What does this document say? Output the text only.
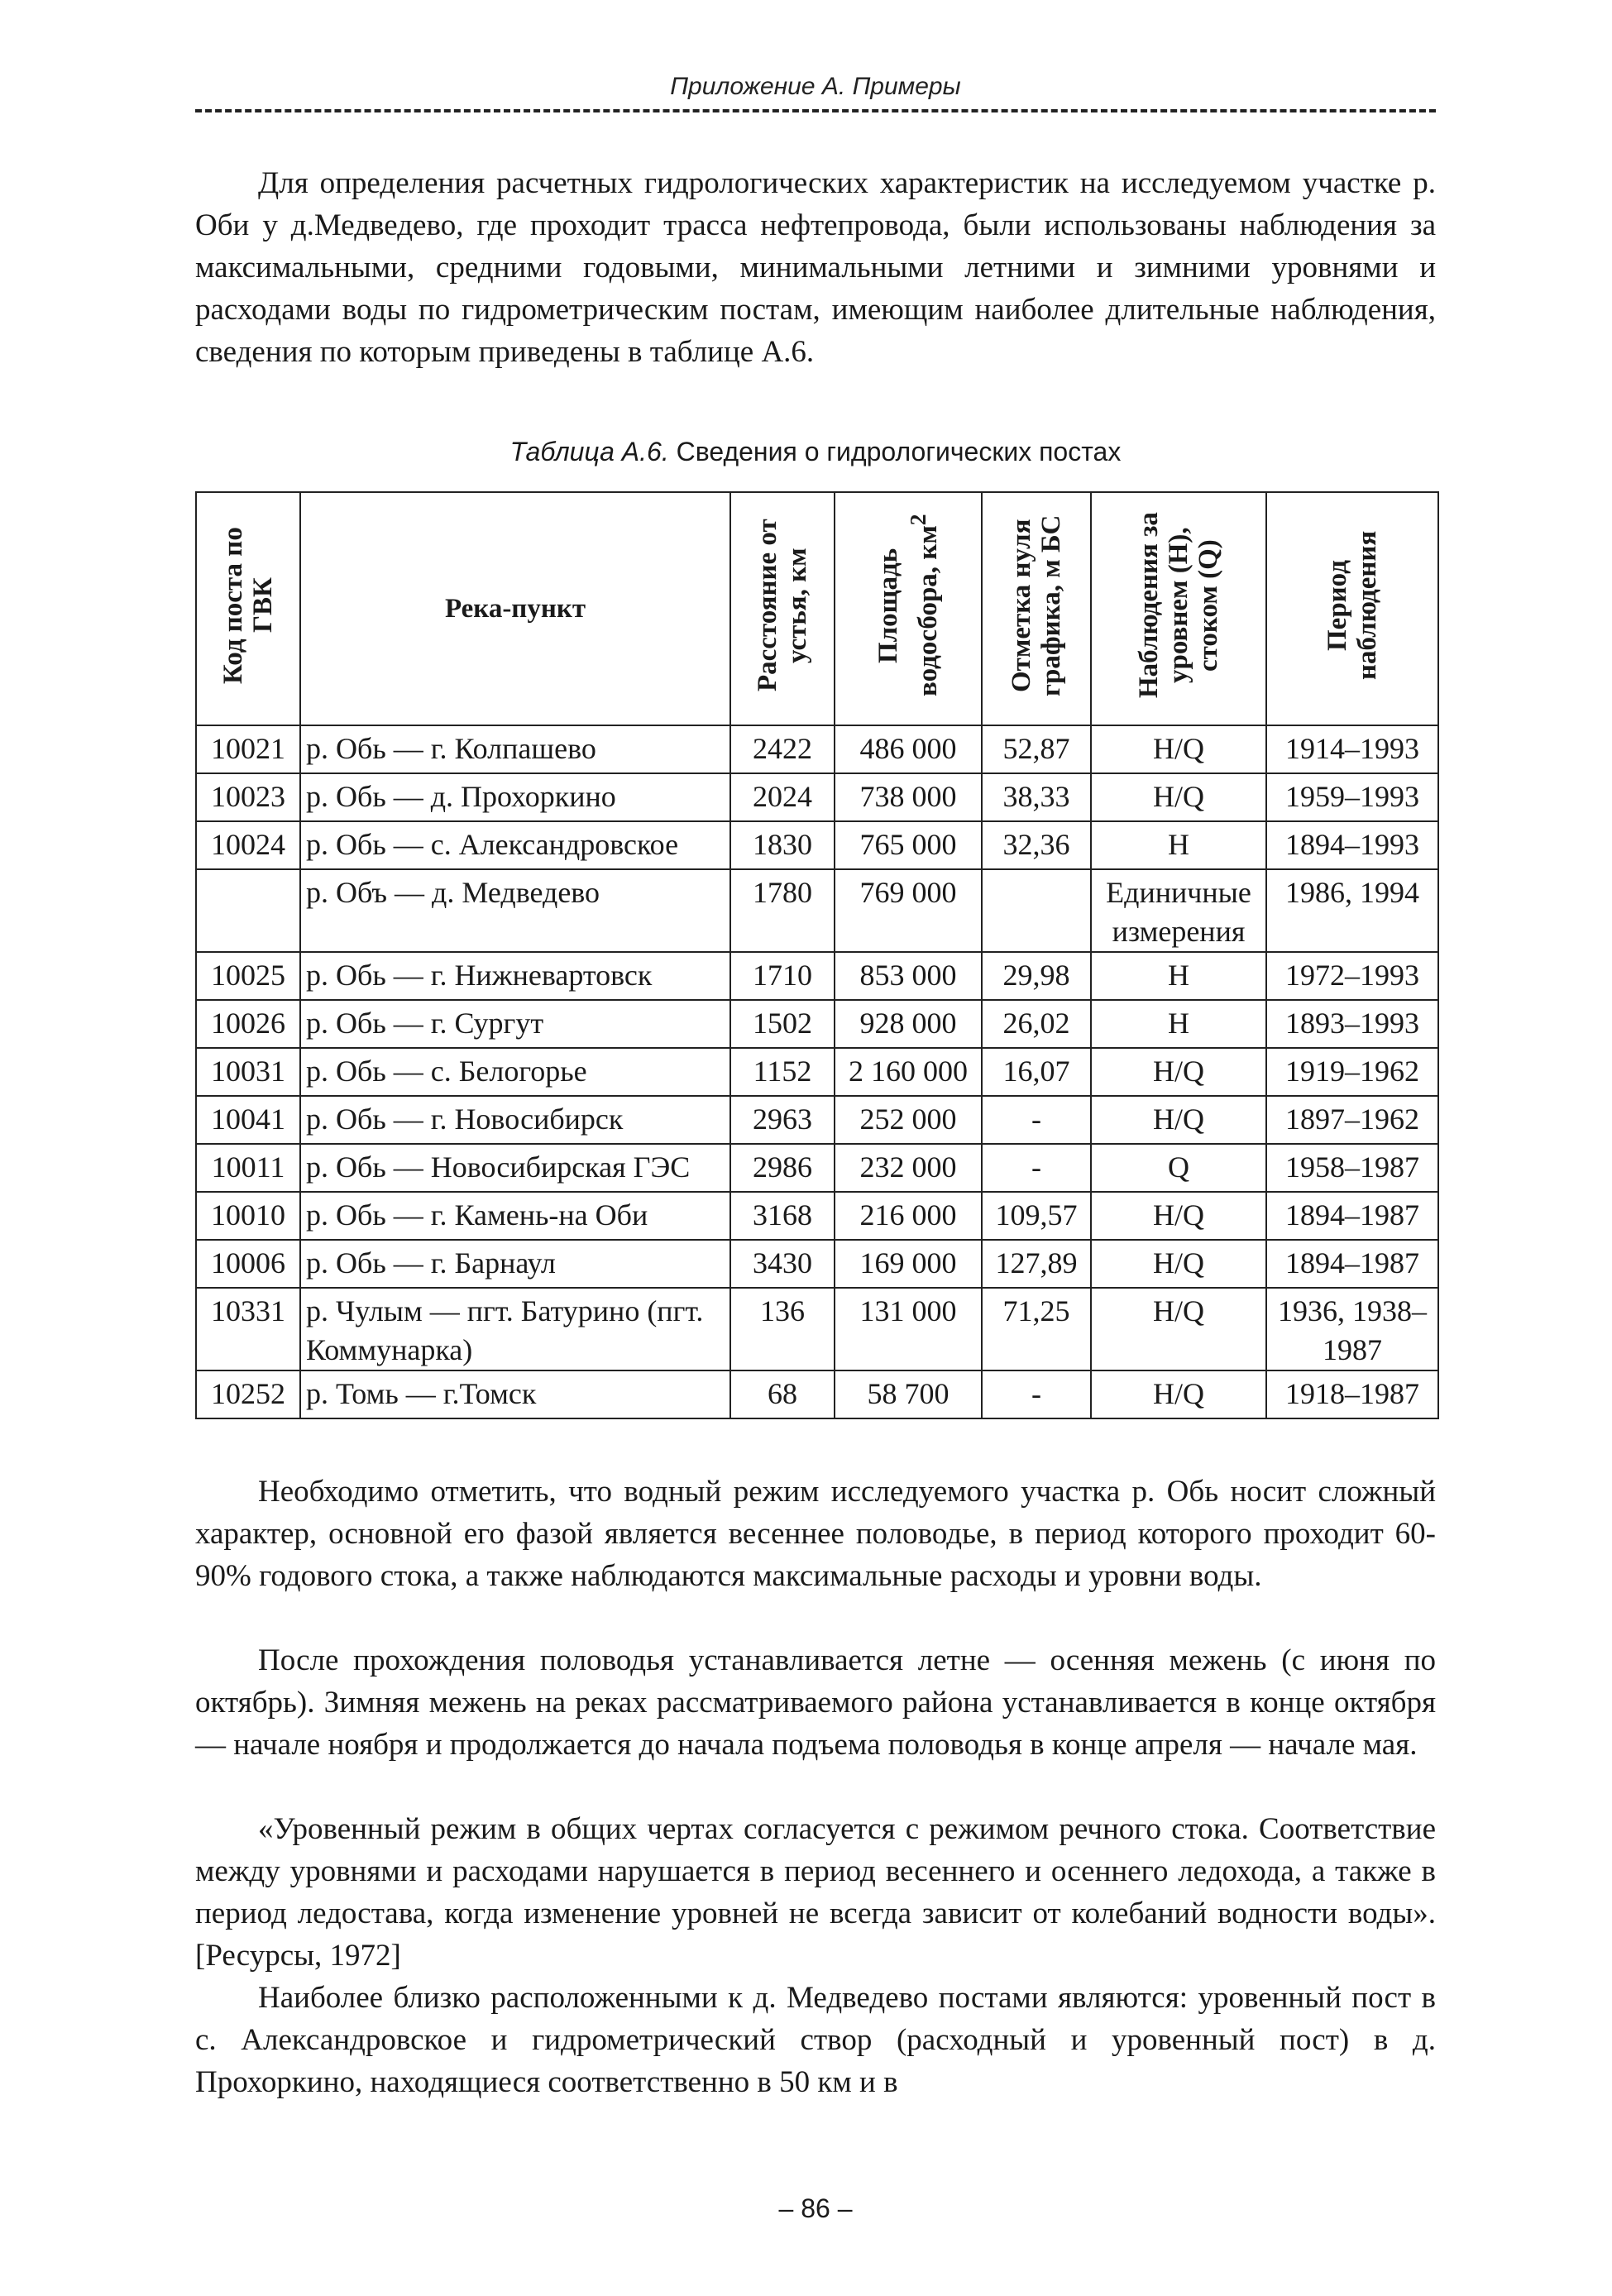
Приложение А. Примеры

Для определения расчетных гидрологических характеристик на исследуемом участке р. Оби у д.Медведево, где проходит трасса нефтепровода, были использованы наблюдения за максимальными, средними годовыми, минимальными летними и зимними уровнями и расходами воды по гидрометрическим постам, имеющим наиболее длительные наблюдения, сведения по которым приведены в таблице А.6.

Таблица А.6. Сведения о гидрологических постах
Код поста по ГВК	Река-пункт	Расстояние от устья, км	Площадь водосбора, $км^2$	Отметка нуля графика, м БС	Наблюдения за уровнем (H), стоком (Q)	Период наблюдения
10021	р. Обь — г. Колпашево	2422	486 000	52,87	H/Q	1914–1993
10023	р. Обь — д. Прохоркино	2024	738 000	38,33	H/Q	1959–1993
10024	р. Обь — с. Александровское	1830	765 000	32,36	H	1894–1993
	р. Объ — д. Медведево	1780	769 000		Единичные измерения	1986, 1994
10025	р. Обь — г. Нижневартовск	1710	853 000	29,98	H	1972–1993
10026	р. Обь — г. Сургут	1502	928 000	26,02	H	1893–1993
10031	р. Обь — с. Белогорье	1152	2 160 000	16,07	H/Q	1919–1962
10041	р. Обь — г. Новосибирск	2963	252 000	-	H/Q	1897–1962
10011	р. Обь — Новосибирская ГЭС	2986	232 000	-	Q	1958–1987
10010	р. Обь — г. Камень-на Оби	3168	216 000	109,57	H/Q	1894–1987
10006	р. Обь — г. Барнаул	3430	169 000	127,89	H/Q	1894–1987
10331	р. Чулым — пгт. Батурино (пгт. Коммунарка)	136	131 000	71,25	H/Q	1936, 1938–1987
10252	р. Томь — г.Томск	68	58 700	-	H/Q	1918–1987

Необходимо отметить, что водный режим исследуемого участка р. Обь носит сложный характер, основной его фазой является весеннее половодье, в период которого проходит 60-90% годового стока, а также наблюдаются максимальные расходы и уровни воды.

После прохождения половодья устанавливается летне — осенняя межень (с июня по октябрь). Зимняя межень на реках рассматриваемого района устанавливается в конце октября — начале ноября и продолжается до начала подъема половодья в конце апреля — начале мая.

«Уровенный режим в общих чертах согласуется с режимом речного стока. Соответствие между уровнями и расходами нарушается в период весеннего и осеннего ледохода, а также в период ледостава, когда изменение уровней не всегда зависит от колебаний водности воды». [Ресурсы, 1972]

Наиболее близко расположенными к д. Медведево постами являются: уровенный пост в с. Александровское и гидрометрический створ (расходный и уровенный пост) в д. Прохоркино, находящиеся соответственно в 50 км и в

– 86 –
